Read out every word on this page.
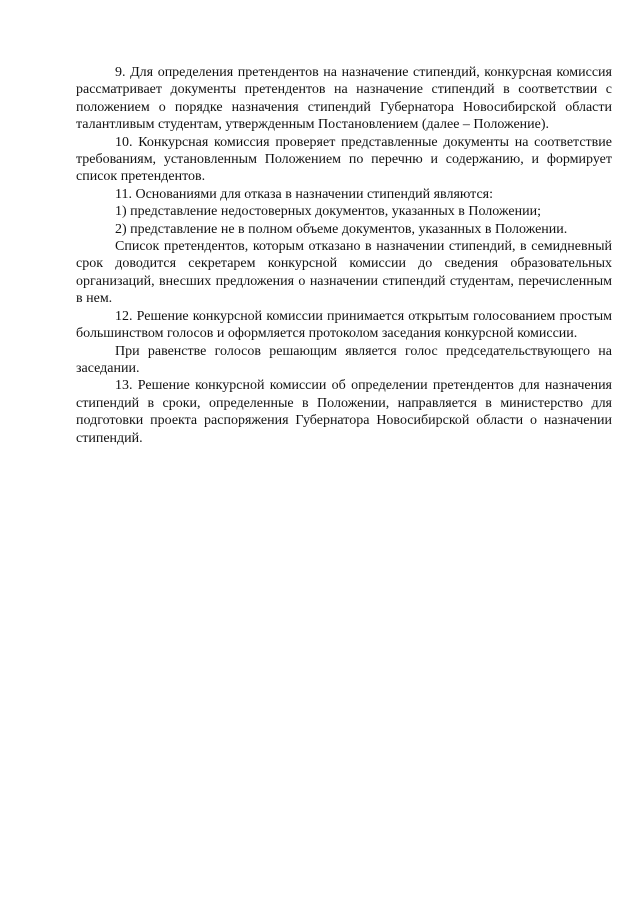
9. Для определения претендентов на назначение стипендий, конкурсная комиссия рассматривает документы претендентов на назначение стипендий в соответствии с положением о порядке назначения стипендий Губернатора Новосибирской области талантливым студентам, утвержденным Постановлением (далее – Положение).

10. Конкурсная комиссия проверяет представленные документы на соответствие требованиям, установленным Положением по перечню и содержанию, и формирует список претендентов.

11. Основаниями для отказа в назначении стипендий являются:

1) представление недостоверных документов, указанных в Положении;

2) представление не в полном объеме документов, указанных в Положении.

Список претендентов, которым отказано в назначении стипендий, в семидневный срок доводится секретарем конкурсной комиссии до сведения образовательных организаций, внесших предложения о назначении стипендий студентам, перечисленным в нем.

12. Решение конкурсной комиссии принимается открытым голосованием простым большинством голосов и оформляется протоколом заседания конкурсной комиссии.

При равенстве голосов решающим является голос председательствующего на заседании.

13. Решение конкурсной комиссии об определении претендентов для назначения стипендий в сроки, определенные в Положении, направляется в министерство для подготовки проекта распоряжения Губернатора Новосибирской области о назначении стипендий.
